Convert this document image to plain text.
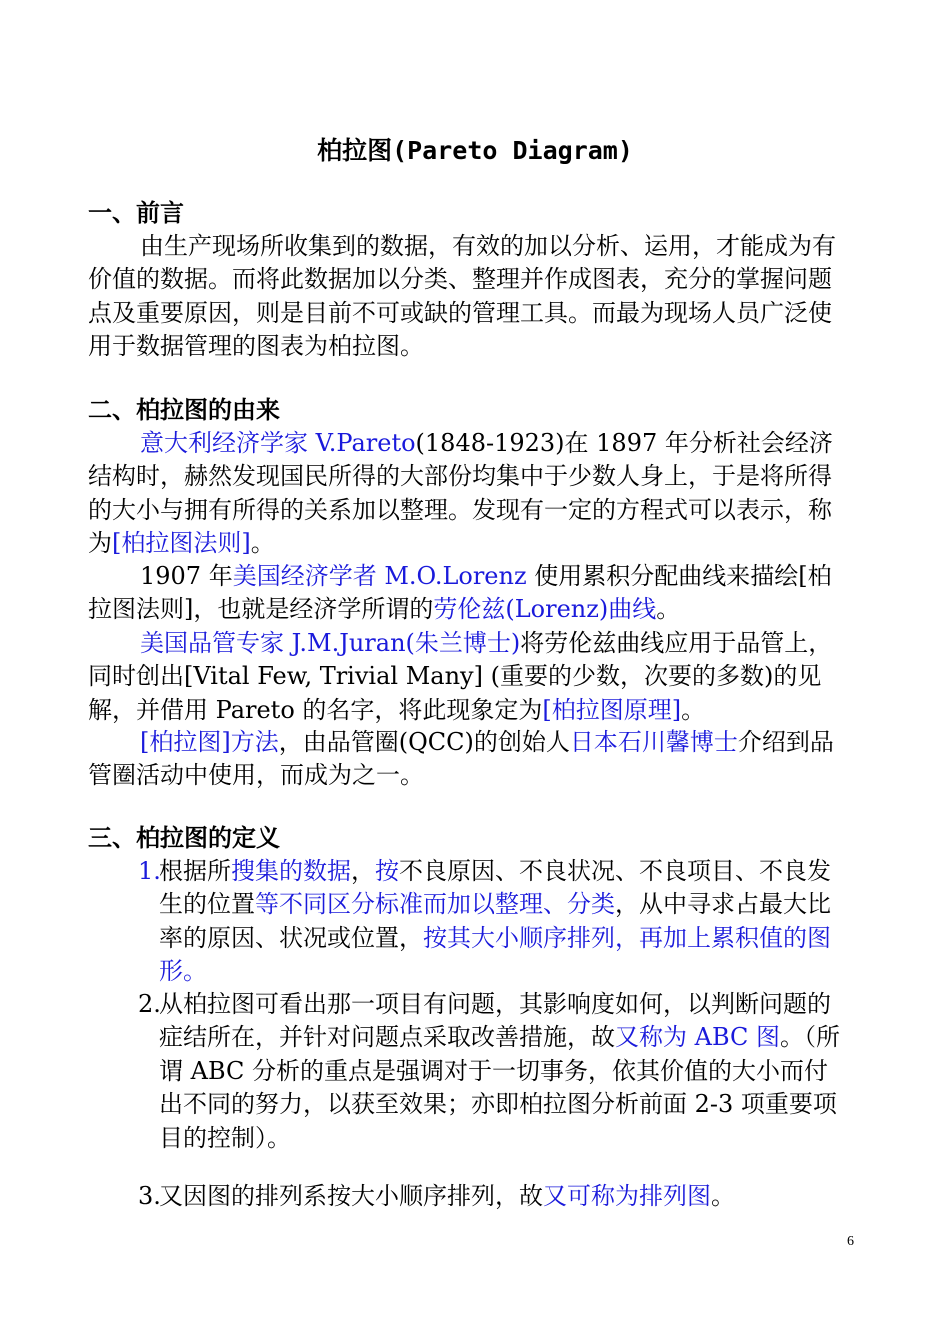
柏拉图(Pareto Diagram)
一、前言
由生产现场所收集到的数据，有效的加以分析、运用，才能成为有价值的数据。而将此数据加以分类、整理并作成图表，充分的掌握问题点及重要原因，则是目前不可或缺的管理工具。而最为现场人员广泛使用于数据管理的图表为柏拉图。
二、柏拉图的由来
意大利经济学家 V.Pareto(1848-1923)在 1897 年分析社会经济结构时，赫然发现国民所得的大部份均集中于少数人身上，于是将所得的大小与拥有所得的关系加以整理。发现有一定的方程式可以表示，称为[柏拉图法则]。
1907 年美国经济学者 M.O.Lorenz 使用累积分配曲线来描绘[柏拉图法则]，也就是经济学所谓的劳伦兹(Lorenz)曲线。
美国品管专家 J.M.Juran(朱兰博士)将劳伦兹曲线应用于品管上，同时创出[Vital Few, Trivial Many] (重要的少数，次要的多数)的见解，并借用 Pareto 的名字，将此现象定为[柏拉图原理]。
[柏拉图]方法，由品管圈(QCC)的创始人日本石川馨博士介绍到品管圈活动中使用，而成为之一。
三、柏拉图的定义
1.
根据所搜集的数据，按不良原因、不良状况、不良项目、不良发生的位置等不同区分标准而加以整理、分类，从中寻求占最大比率的原因、状况或位置，按其大小顺序排列，再加上累积值的图形。
2.
从柏拉图可看出那一项目有问题，其影响度如何，以判断问题的症结所在，并针对问题点采取改善措施，故又称为 ABC 图。（所谓 ABC 分析的重点是强调对于一切事务，依其价值的大小而付出不同的努力，以获至效果；亦即柏拉图分析前面 2-3 项重要项目的控制）。
3.
又因图的排列系按大小顺序排列，故又可称为排列图。
6
